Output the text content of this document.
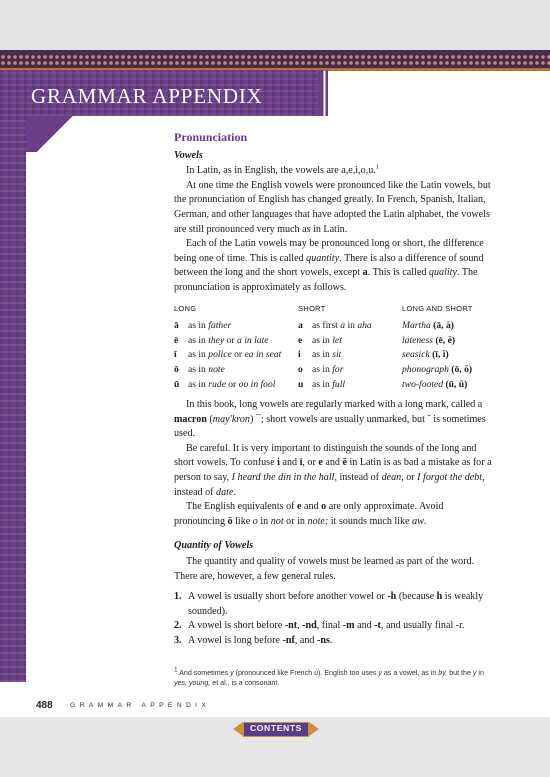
GRAMMAR APPENDIX
Pronunciation
Vowels

In Latin, as in English, the vowels are a,e,i,o,u.$^1$

At one time the English vowels were pronounced like the Latin vowels, but the pronunciation of English has changed greatly. In French, Spanish, Italian, German, and other languages that have adopted the Latin alphabet, the vowels are still pronounced very much as in Latin.

Each of the Latin vowels may be pronounced long or short, the difference being one of time. This is called quantity. There is also a difference of sound between the long and the short vowels, except a. This is called quality. The pronunciation is approximately as follows.

LONG	SHORT	LONG AND SHORT
ā as in father	a as first a in aha	Martha (ā, ă)
ē as in they or a in late	e as in let	lateness (ē, ĕ)
ī as in police or ea in seat	i as in sit	seasick (ī, ĭ)
ō as in note	o as in for	phonograph (ō, ŏ)
ū as in rude or oo in fool	u as in full	two-footed (ū, ŭ)

In this book, long vowels are regularly marked with a long mark, called a macron (may′kron) ¯; short vowels are usually unmarked, but ˘ is sometimes used.

Be careful. It is very important to distinguish the sounds of the long and short vowels. To confuse i and ī, or e and ē in Latin is as bad a mistake as for a person to say, I heard the din in the hall, instead of dean, or I forgot the debt, instead of date.

The English equivalents of e and o are only approximate. Avoid pronouncing ō like o in not or in note; it sounds much like aw.

Quantity of Vowels

The quantity and quality of vowels must be learned as part of the word. There are, however, a few general rules.

1. A vowel is usually short before another vowel or -h (because h is weakly sounded).
2. A vowel is short before -nt, -nd, final -m and -t, and usually final -r.
3. A vowel is long before -nf, and -ns.
$^1$ And sometimes y (pronounced like French u). English too uses y as a vowel, as in by, but the y in yes, young, et al., is a consonant.
488	GRAMMAR APPENDIX
CONTENTS
